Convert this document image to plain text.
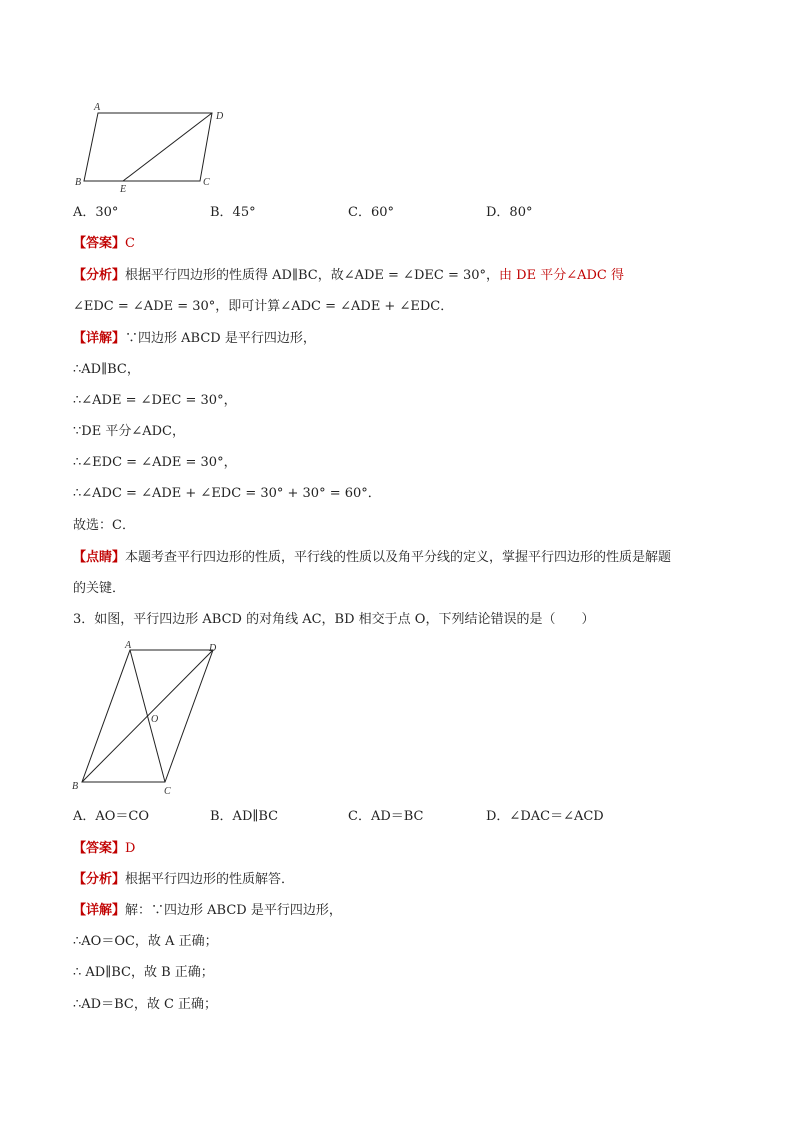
A
D
B
E
C
A．30°	B．45°	C．60°	D．80°
【答案】C
【分析】根据平行四边形的性质得 AD∥BC，故∠ADE = ∠DEC = 30°，由 DE 平分∠ADC 得
∠EDC = ∠ADE = 30°，即可计算∠ADC = ∠ADE + ∠EDC．
【详解】∵四边形 ABCD 是平行四边形，
∴AD∥BC，
∴∠ADE = ∠DEC = 30°，
∵DE 平分∠ADC，
∴∠EDC = ∠ADE = 30°，
∴∠ADC = ∠ADE + ∠EDC = 30° + 30° = 60°．
故选：C．
【点睛】本题考查平行四边形的性质，平行线的性质以及角平分线的定义，掌握平行四边形的性质是解题
的关键．
3．如图，平行四边形 ABCD 的对角线 AC，BD 相交于点 O，下列结论错误的是（　　）
A	D
O
B	C
A．AO＝CO	B．AD∥BC	C．AD＝BC	D．∠DAC＝∠ACD
【答案】D
【分析】根据平行四边形的性质解答．
【详解】解：∵四边形 ABCD 是平行四边形，
∴AO＝OC，故 A 正确；
∴ AD∥BC，故 B 正确；
∴AD＝BC，故 C 正确；
